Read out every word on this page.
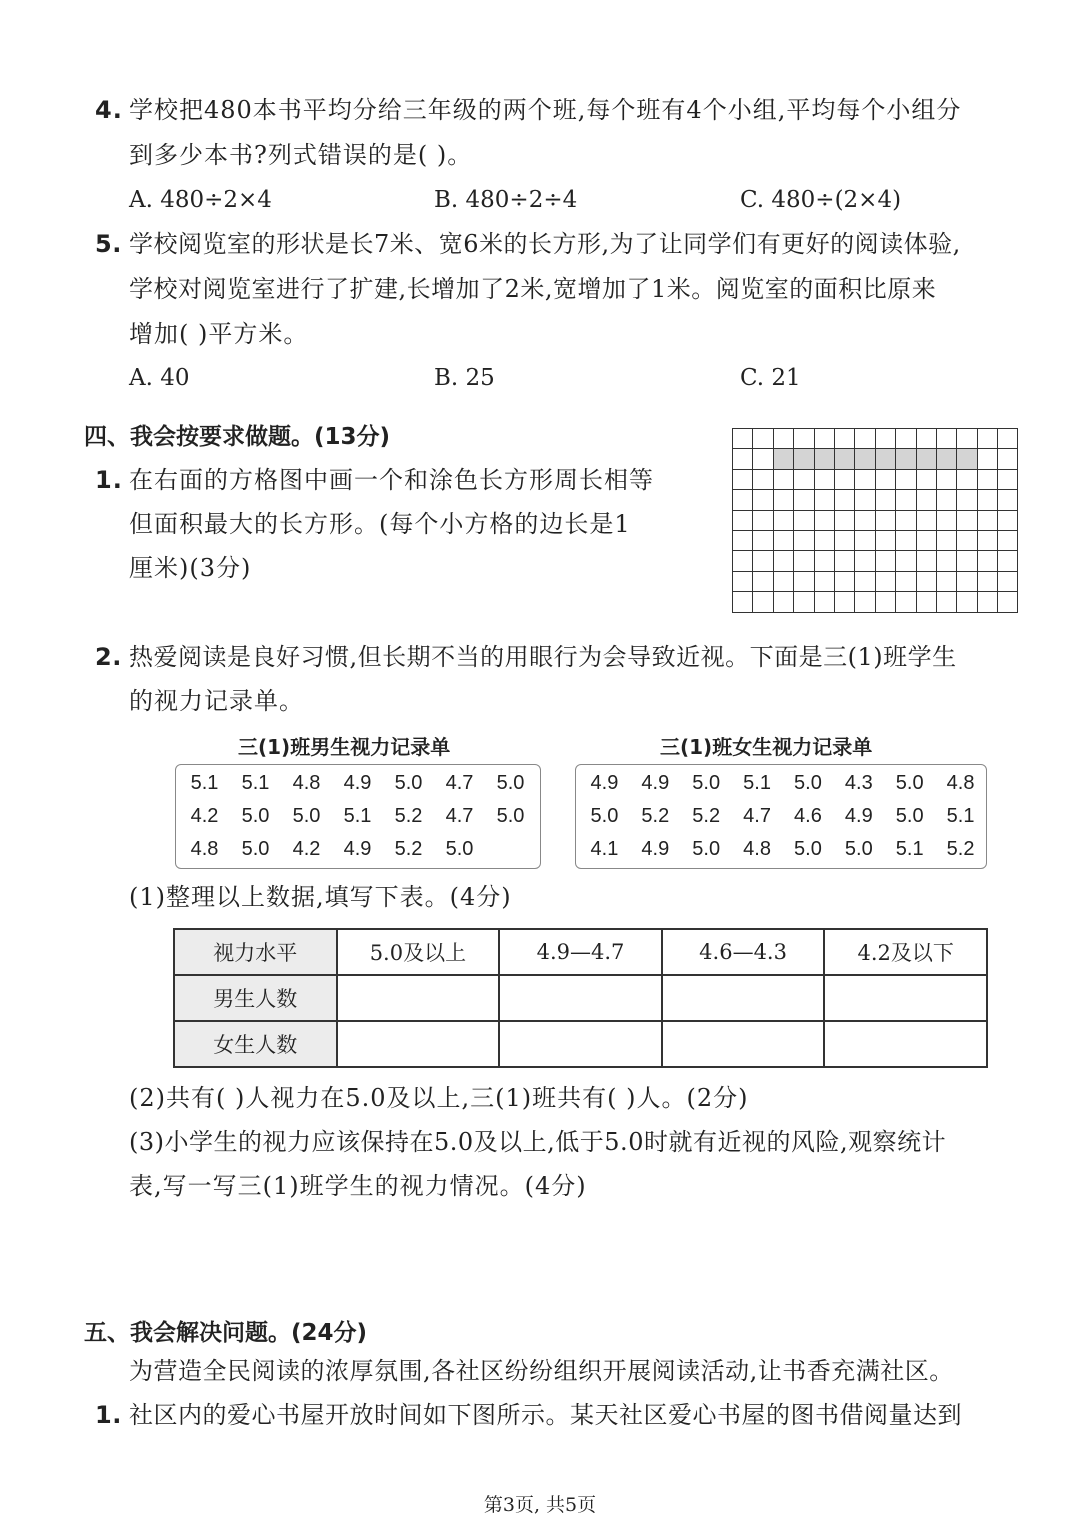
4. 学校把480本书平均分给三年级的两个班,每个班有4个小组,平均每个小组分
到多少本书?列式错误的是( )。
A. 480÷2×4	B. 480÷2÷4	C. 480÷(2×4)
5. 学校阅览室的形状是长7米、宽6米的长方形,为了让同学们有更好的阅读体验,
学校对阅览室进行了扩建,长增加了2米,宽增加了1米。阅览室的面积比原来
增加( )平方米。
A. 40	B. 25	C. 21
四、我会按要求做题。(13分)
1. 在右面的方格图中画一个和涂色长方形周长相等
但面积最大的长方形。(每个小方格的边长是1
厘米)(3分)

2. 热爱阅读是良好习惯,但长期不当的用眼行为会导致近视。下面是三(1)班学生
的视力记录单。
三(1)班男生视力记录单	三(1)班女生视力记录单
5.1	5.1	4.8	4.9	5.0	4.7	5.0
4.2	5.0	5.0	5.1	5.2	4.7	5.0
4.8	5.0	4.2	4.9	5.2	5.0
4.9	4.9	5.0	5.1	5.0	4.3	5.0	4.8
5.0	5.2	5.2	4.7	4.6	4.9	5.0	5.1
4.1	4.9	5.0	4.8	5.0	5.0	5.1	5.2
(1)整理以上数据,填写下表。(4分)
视力水平	5.0及以上	4.9—4.7	4.6—4.3	4.2及以下
男生人数				
女生人数				
(2)共有( )人视力在5.0及以上,三(1)班共有( )人。(2分)
(3)小学生的视力应该保持在5.0及以上,低于5.0时就有近视的风险,观察统计
表,写一写三(1)班学生的视力情况。(4分)
五、我会解决问题。(24分)
为营造全民阅读的浓厚氛围,各社区纷纷组织开展阅读活动,让书香充满社区。
1. 社区内的爱心书屋开放时间如下图所示。某天社区爱心书屋的图书借阅量达到
第3页, 共5页
